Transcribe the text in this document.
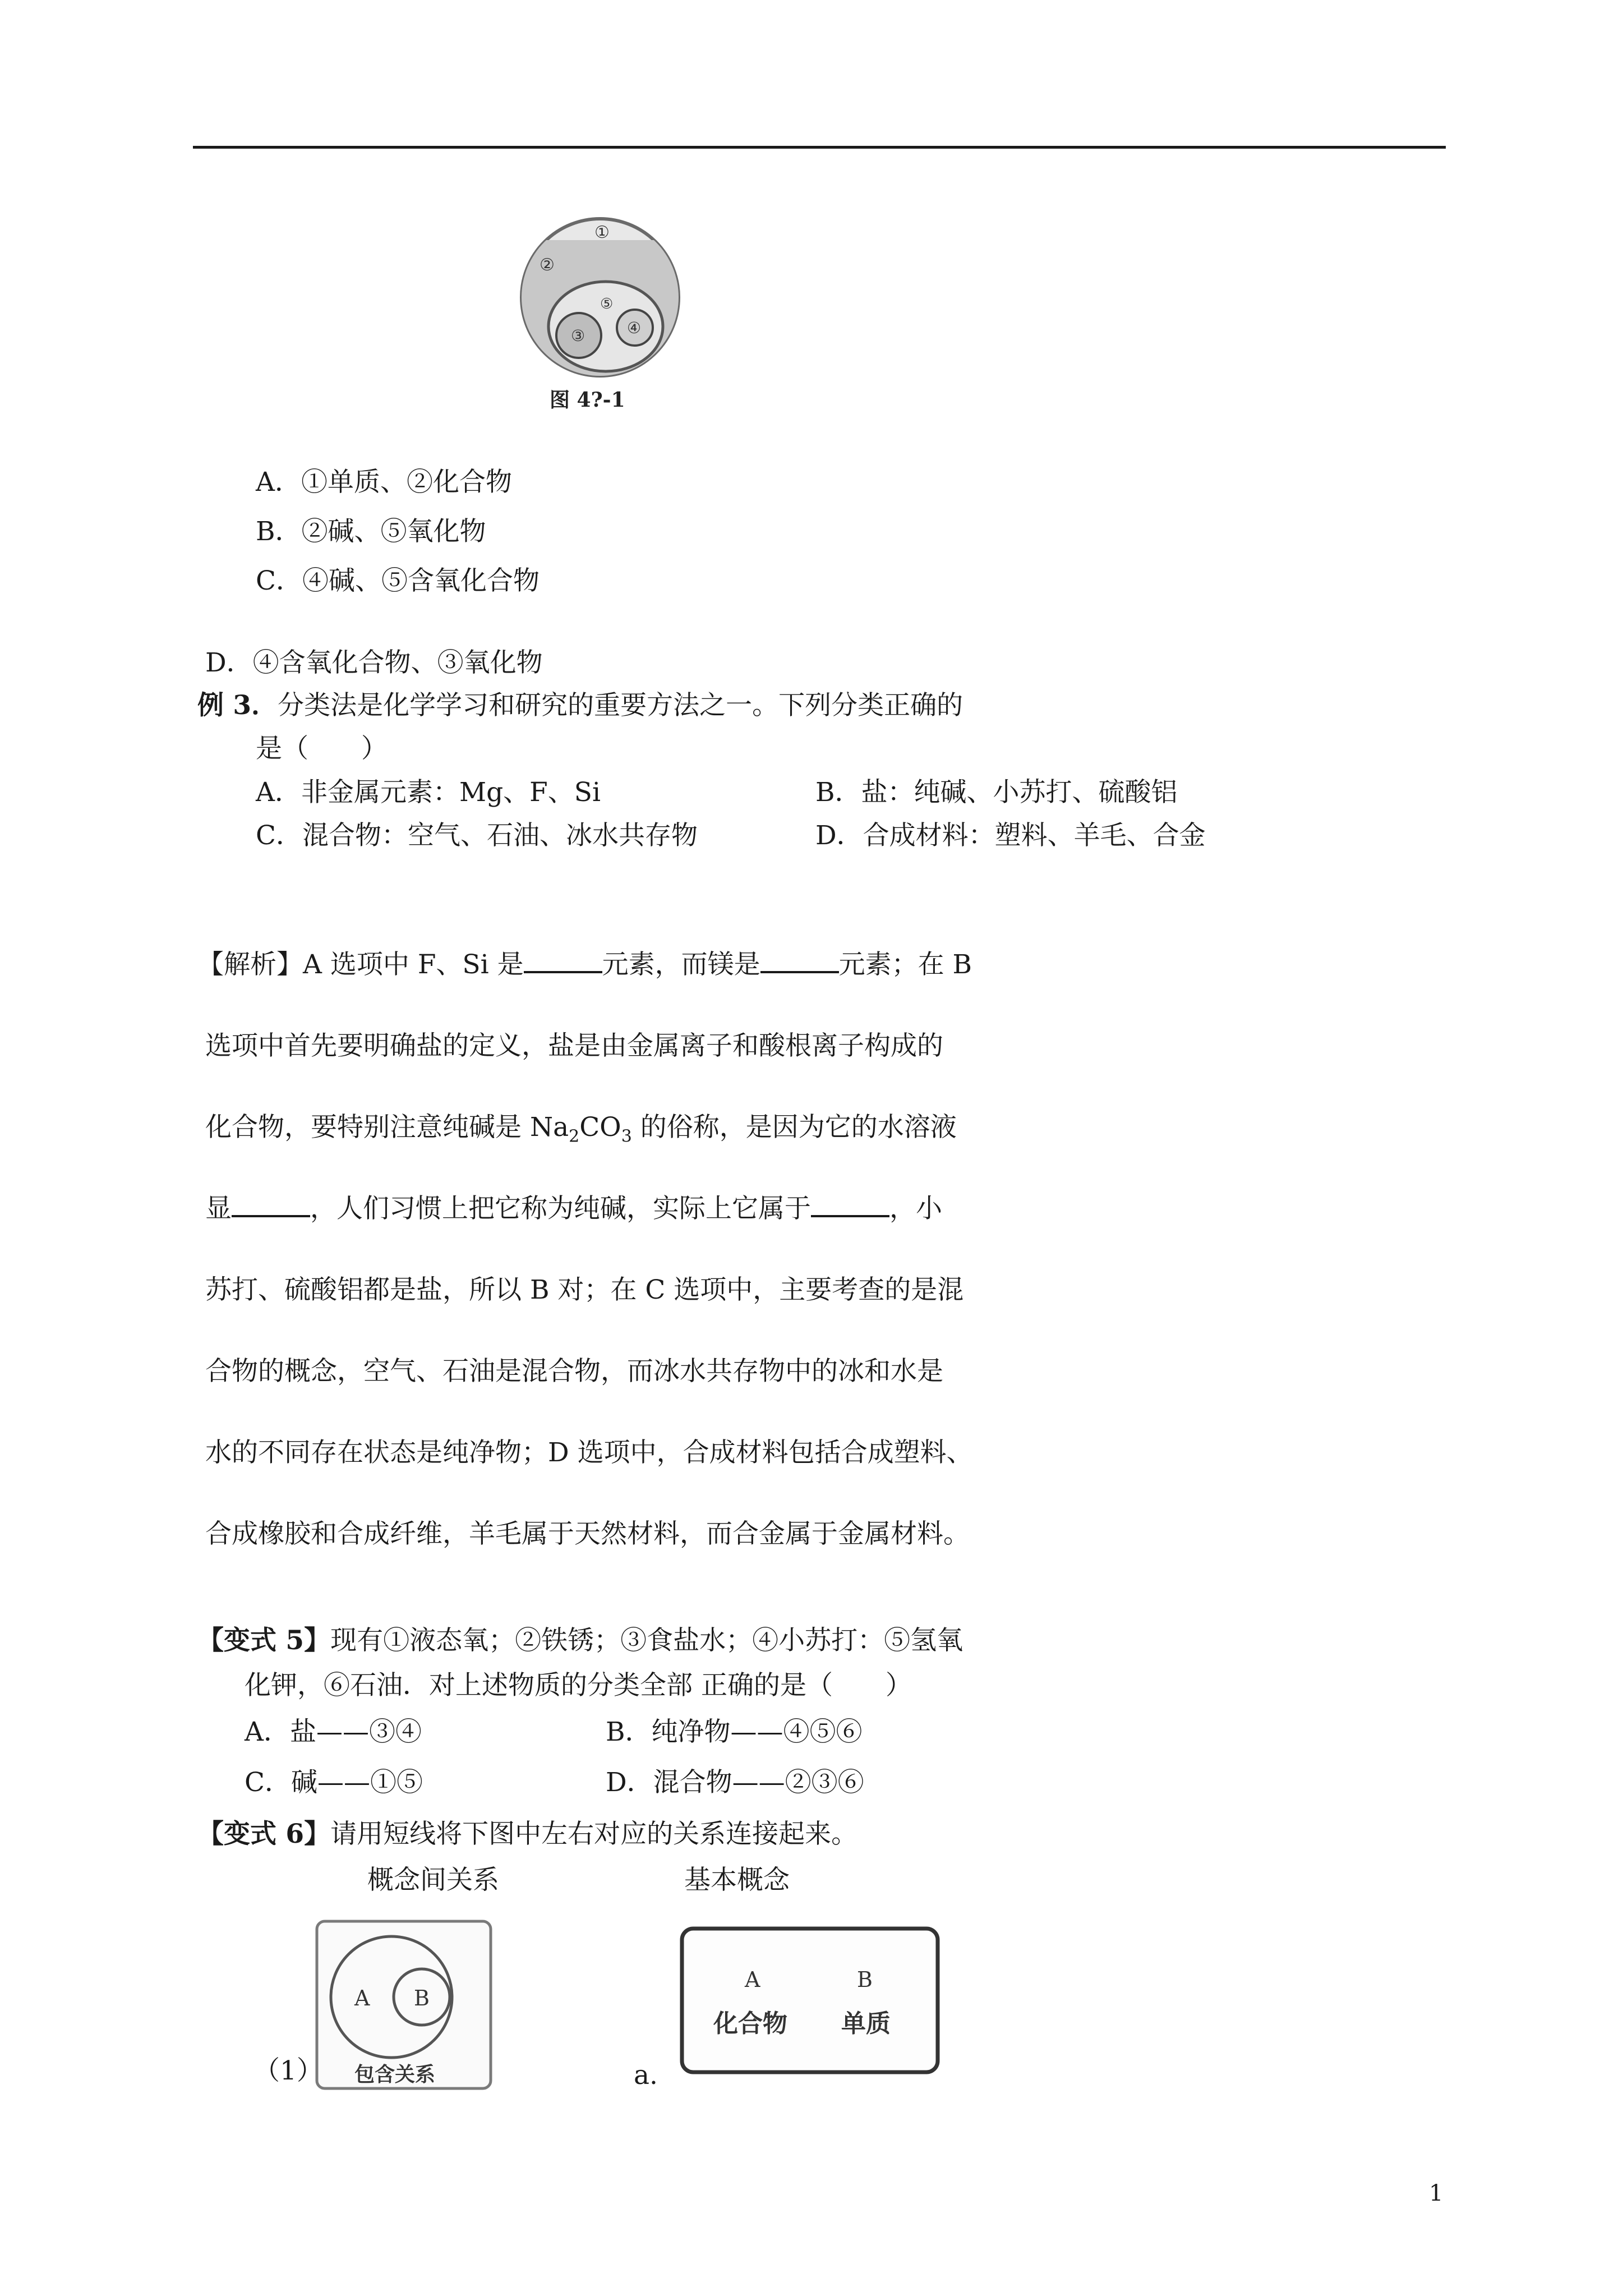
①
②
③	④
⑤
图 4?-1
A．①单质、②化合物
B．②碱、⑤氧化物
C．④碱、⑤含氧化合物
D．④含氧化合物、③氧化物
例 3．分类法是化学学习和研究的重要方法之一。下列分类正确的
是（　　）
A．非金属元素：Mg、F、Si	B．盐：纯碱、小苏打、硫酸铝
C．混合物：空气、石油、冰水共存物	D．合成材料：塑料、羊毛、合金
【解析】A 选项中 F、Si 是	元素，而镁是	元素；在 B
选项中首先要明确盐的定义，盐是由金属离子和酸根离子构成的
化合物，要特别注意纯碱是 $Na_2CO_3$ 的俗称，是因为它的水溶液
显	，人们习惯上把它称为纯碱，实际上它属于	，小
苏打、硫酸铝都是盐，所以 B 对；在 C 选项中，主要考查的是混
合物的概念，空气、石油是混合物，而冰水共存物中的冰和水是
水的不同存在状态是纯净物；D 选项中，合成材料包括合成塑料、
合成橡胶和合成纤维，羊毛属于天然材料，而合金属于金属材料。
【变式 5】现有①液态氧；②铁锈；③食盐水；④小苏打：⑤氢氧
化钾，⑥石油．对上述物质的分类全部 正确的是（　　）
A．盐——③④	B．纯净物——④⑤⑥
C．碱——①⑤	D．混合物——②③⑥
【变式 6】请用短线将下图中左右对应的关系连接起来。
概念间关系	基本概念
A B
包含关系
（1）
A	B
化合物 单质
a.
1
